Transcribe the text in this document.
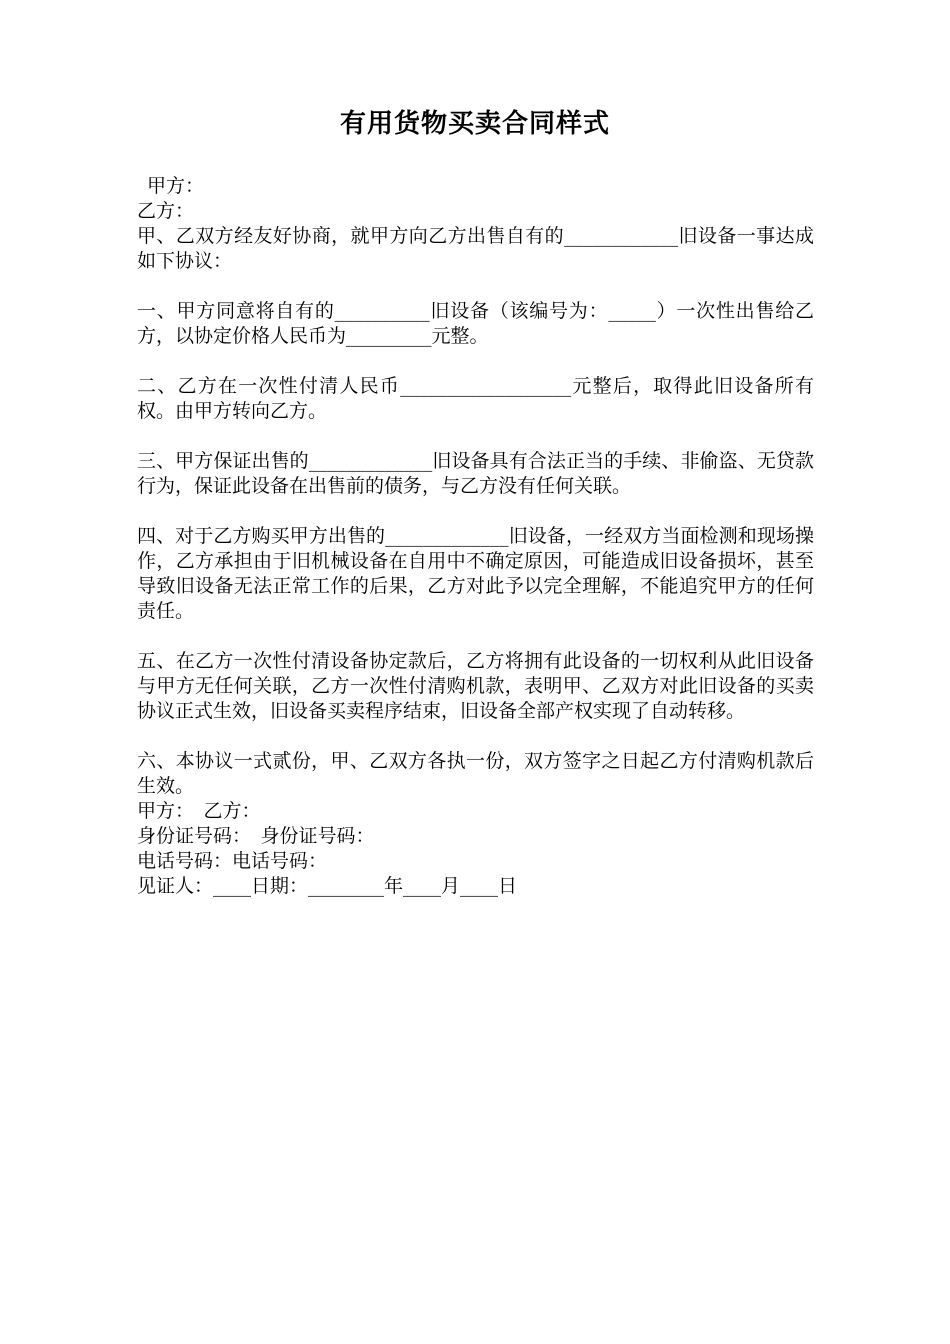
有用货物买卖合同样式
甲方：
乙方：
甲、乙双方经友好协商，就甲方向乙方出售自有的____________旧设备一事达成如下协议：
一、甲方同意将自有的__________旧设备（该编号为：_____）一次性出售给乙方，以协定价格人民币为_________元整。
二、乙方在一次性付清人民币__________________元整后，取得此旧设备所有权。由甲方转向乙方。
三、甲方保证出售的_____________旧设备具有合法正当的手续、非偷盗、无贷款行为，保证此设备在出售前的债务，与乙方没有任何关联。
四、对于乙方购买甲方出售的_____________旧设备，一经双方当面检测和现场操作，乙方承担由于旧机械设备在自用中不确定原因，可能造成旧设备损坏，甚至导致旧设备无法正常工作的后果，乙方对此予以完全理解，不能追究甲方的任何责任。
五、在乙方一次性付清设备协定款后，乙方将拥有此设备的一切权利从此旧设备与甲方无任何关联，乙方一次性付清购机款，表明甲、乙双方对此旧设备的买卖协议正式生效，旧设备买卖程序结束，旧设备全部产权实现了自动转移。
六、本协议一式贰份，甲、乙双方各执一份，双方签字之日起乙方付清购机款后生效。
甲方：　乙方：
身份证号码：　身份证号码：
电话号码：电话号码：
见证人：____日期：________年____月____日
